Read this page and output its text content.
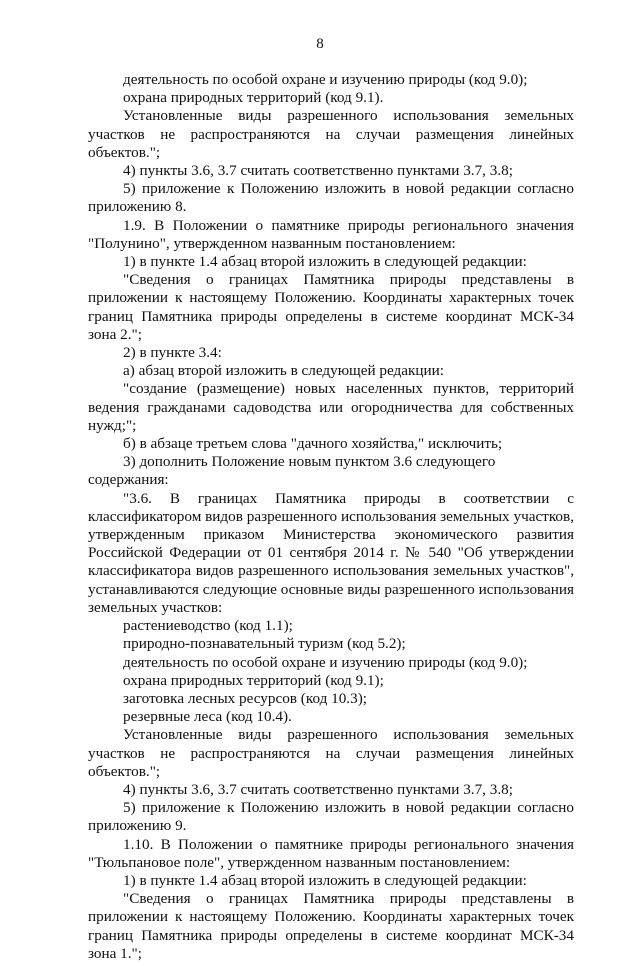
8

деятельность по особой охране и изучению природы (код 9.0);

охрана природных территорий (код 9.1).

Установленные виды разрешенного использования земельных участков не распространяются на случаи размещения линейных объектов.";

4) пункты 3.6, 3.7 считать соответственно пунктами 3.7, 3.8;

5) приложение к Положению изложить в новой редакции согласно приложению 8.

1.9. В Положении о памятнике природы регионального значения "Полунино", утвержденном названным постановлением:

1) в пункте 1.4 абзац второй изложить в следующей редакции:

"Сведения о границах Памятника природы представлены в приложении к настоящему Положению. Координаты характерных точек границ Памятника природы определены в системе координат МСК-34 зона 2.";

2) в пункте 3.4:

а) абзац второй изложить в следующей редакции:

"создание (размещение) новых населенных пунктов, территорий ведения гражданами садоводства или огородничества для собственных нужд;";

б) в абзаце третьем слова "дачного хозяйства," исключить;

3) дополнить Положение новым пунктом 3.6 следующего содержания:

"3.6. В границах Памятника природы в соответствии с классификатором видов разрешенного использования земельных участков, утвержденным приказом Министерства экономического развития Российской Федерации от 01 сентября 2014 г. № 540 "Об утверждении классификатора видов разрешенного использования земельных участков", устанавливаются следующие основные виды разрешенного использования земельных участков:

растениеводство (код 1.1);

природно-познавательный туризм (код 5.2);

деятельность по особой охране и изучению природы (код 9.0);

охрана природных территорий (код 9.1);

заготовка лесных ресурсов (код 10.3);

резервные леса (код 10.4).

Установленные виды разрешенного использования земельных участков не распространяются на случаи размещения линейных объектов.";

4) пункты 3.6, 3.7 считать соответственно пунктами 3.7, 3.8;

5) приложение к Положению изложить в новой редакции согласно приложению 9.

1.10. В Положении о памятнике природы регионального значения "Тюльпановое поле", утвержденном названным постановлением:

1) в пункте 1.4 абзац второй изложить в следующей редакции:

"Сведения о границах Памятника природы представлены в приложении к настоящему Положению. Координаты характерных точек границ Памятника природы определены в системе координат МСК-34 зона 1.";
